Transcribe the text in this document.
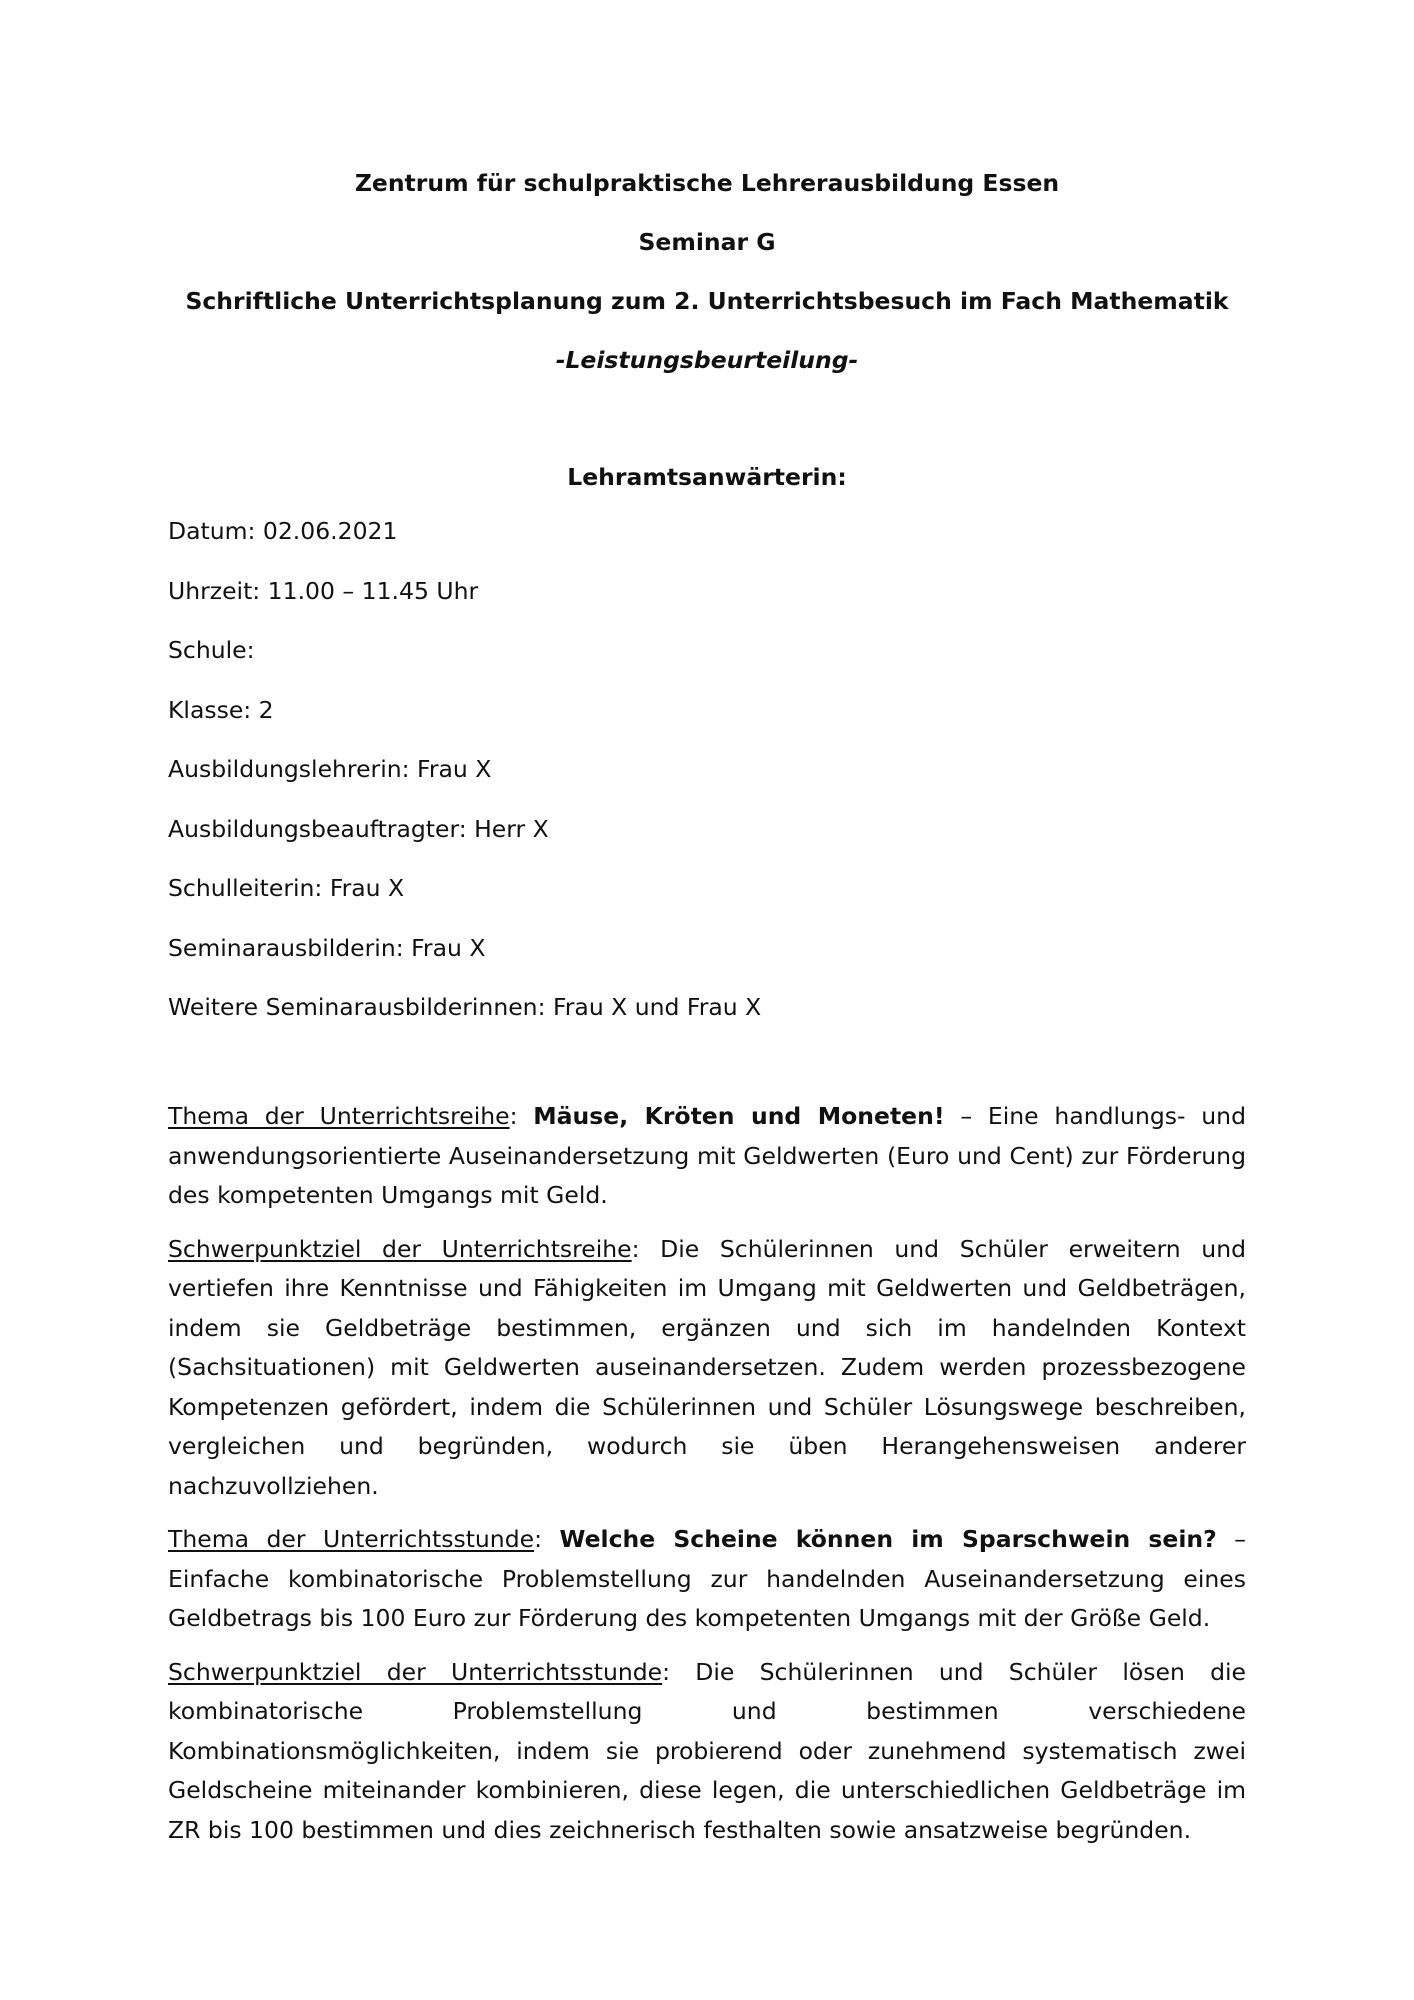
Zentrum für schulpraktische Lehrerausbildung Essen
Seminar G
Schriftliche Unterrichtsplanung zum 2. Unterrichtsbesuch im Fach Mathematik
-Leistungsbeurteilung-
Lehramtsanwärterin:
Datum: 02.06.2021
Uhrzeit: 11.00 – 11.45 Uhr
Schule:
Klasse: 2
Ausbildungslehrerin: Frau X
Ausbildungsbeauftragter: Herr X
Schulleiterin: Frau X
Seminarausbilderin: Frau X
Weitere Seminarausbilderinnen: Frau X und Frau X

Thema der Unterrichtsreihe: Mäuse, Kröten und Moneten! – Eine handlungs- und anwendungsorientierte Auseinandersetzung mit Geldwerten (Euro und Cent) zur Förderung des kompetenten Umgangs mit Geld.

Schwerpunktziel der Unterrichtsreihe: Die Schülerinnen und Schüler erweitern und vertiefen ihre Kenntnisse und Fähigkeiten im Umgang mit Geldwerten und Geldbeträgen, indem sie Geldbeträge bestimmen, ergänzen und sich im handelnden Kontext (Sachsituationen) mit Geldwerten auseinandersetzen. Zudem werden prozessbezogene Kompetenzen gefördert, indem die Schülerinnen und Schüler Lösungswege beschreiben, vergleichen und begründen, wodurch sie üben Herangehensweisen anderer nachzuvollziehen.

Thema der Unterrichtsstunde: Welche Scheine können im Sparschwein sein? – Einfache kombinatorische Problemstellung zur handelnden Auseinandersetzung eines Geldbetrags bis 100 Euro zur Förderung des kompetenten Umgangs mit der Größe Geld.

Schwerpunktziel der Unterrichtsstunde: Die Schülerinnen und Schüler lösen die kombinatorische Problemstellung und bestimmen verschiedene Kombinationsmöglichkeiten, indem sie probierend oder zunehmend systematisch zwei Geldscheine miteinander kombinieren, diese legen, die unterschiedlichen Geldbeträge im ZR bis 100 bestimmen und dies zeichnerisch festhalten sowie ansatzweise begründen.
